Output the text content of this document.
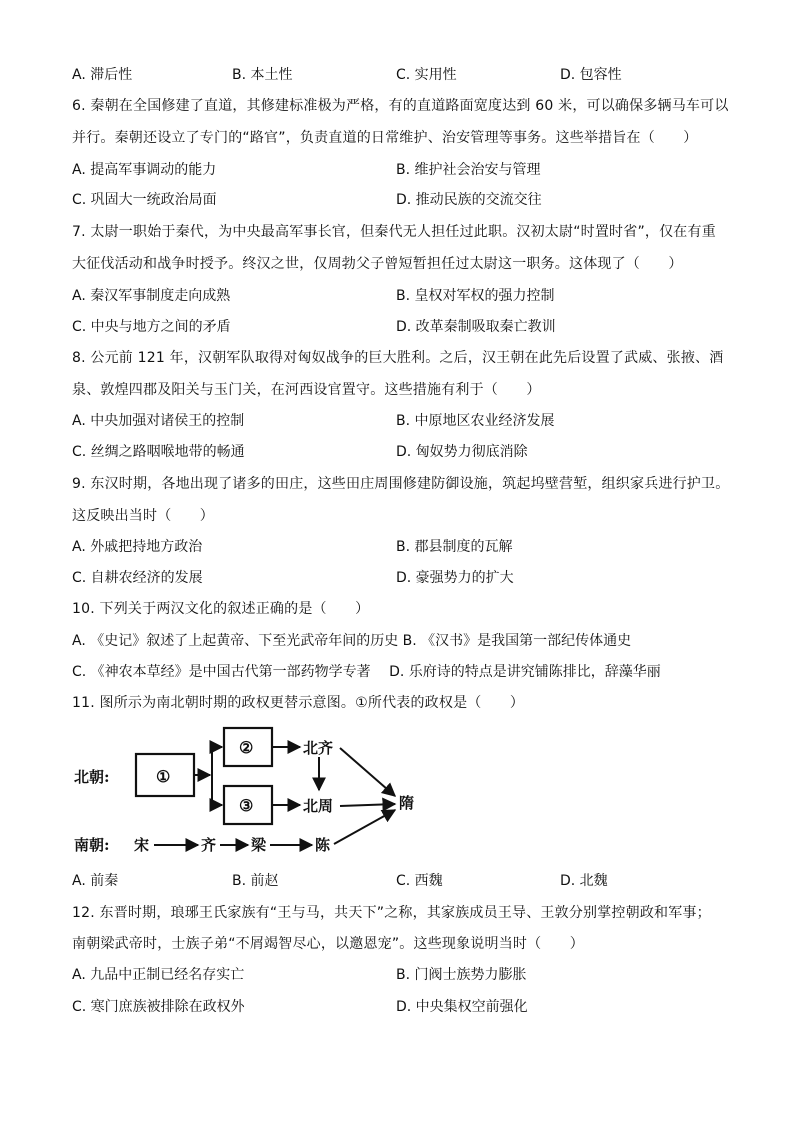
A. 滞后性	B. 本土性	C. 实用性	D. 包容性
6. 秦朝在全国修建了直道，其修建标准极为严格，有的直道路面宽度达到 60 米，可以确保多辆马车可以
并行。秦朝还设立了专门的“路官”，负责直道的日常维护、治安管理等事务。这些举措旨在（　　）
A. 提高军事调动的能力	B. 维护社会治安与管理
C. 巩固大一统政治局面	D. 推动民族的交流交往
7. 太尉一职始于秦代，为中央最高军事长官，但秦代无人担任过此职。汉初太尉“时置时省”，仅在有重
大征伐活动和战争时授予。终汉之世，仅周勃父子曾短暂担任过太尉这一职务。这体现了（　　）
A. 秦汉军事制度走向成熟	B. 皇权对军权的强力控制
C. 中央与地方之间的矛盾	D. 改革秦制吸取秦亡教训
8. 公元前 121 年，汉朝军队取得对匈奴战争的巨大胜利。之后，汉王朝在此先后设置了武威、张掖、酒
泉、敦煌四郡及阳关与玉门关，在河西设官置守。这些措施有利于（　　）
A. 中央加强对诸侯王的控制	B. 中原地区农业经济发展
C. 丝绸之路咽喉地带的畅通	D. 匈奴势力彻底消除
9. 东汉时期，各地出现了诸多的田庄，这些田庄周围修建防御设施，筑起坞壁营堑，组织家兵进行护卫。
这反映出当时（　　）
A. 外戚把持地方政治	B. 郡县制度的瓦解
C. 自耕农经济的发展	D. 豪强势力的扩大
10. 下列关于两汉文化的叙述正确的是（　　）
A. 《史记》叙述了上起黄帝、下至光武帝年间的历史 B. 《汉书》是我国第一部纪传体通史
C. 《神农本草经》是中国古代第一部药物学专著　 D. 乐府诗的特点是讲究铺陈排比，辞藻华丽
11. 图所示为南北朝时期的政权更替示意图。①所代表的政权是（　　）
北朝:	①
②
③
北齐
北周	隋
南朝: 宋	齐 梁	陈
A. 前秦	B. 前赵	C. 西魏	D. 北魏
12. 东晋时期，琅琊王氏家族有“王与马，共天下”之称，其家族成员王导、王敦分别掌控朝政和军事；
南朝梁武帝时，士族子弟“不屑竭智尽心，以邀恩宠”。这些现象说明当时（　　）
A. 九品中正制已经名存实亡	B. 门阀士族势力膨胀
C. 寒门庶族被排除在政权外	D. 中央集权空前强化
